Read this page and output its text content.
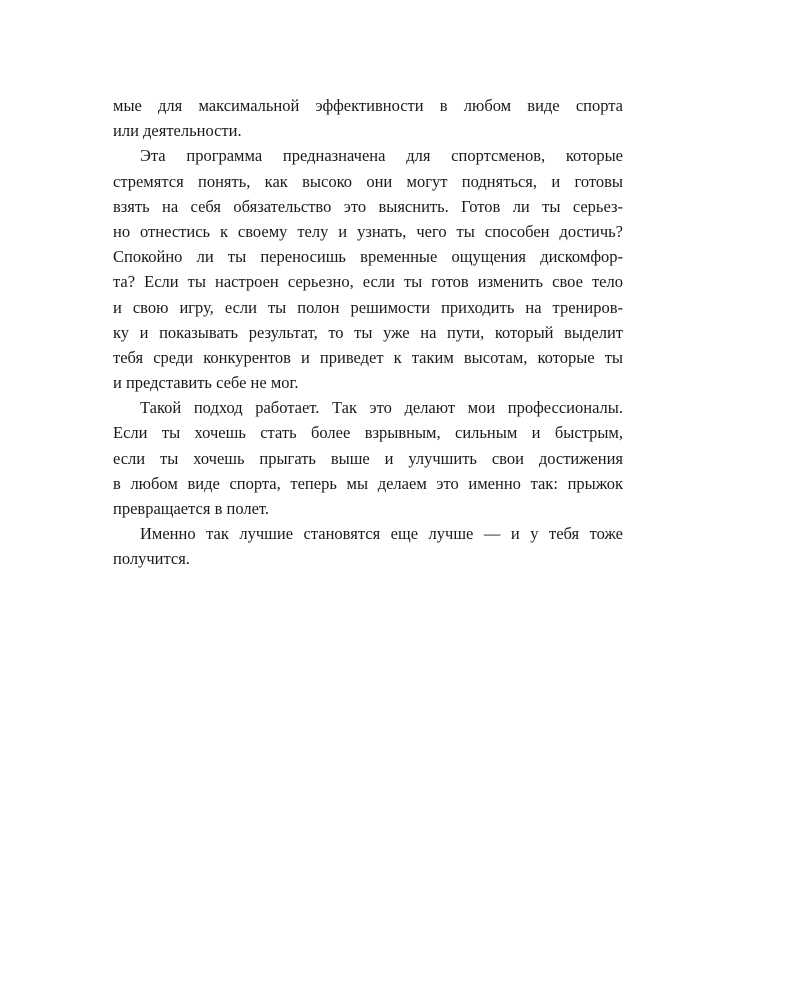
мые для максимальной эффективности в любом виде спорта
или деятельности.
Эта программа предназначена для спортсменов, которые
стремятся понять, как высоко они могут подняться, и готовы
взять на себя обязательство это выяснить. Готов ли ты серьез-
но отнестись к своему телу и узнать, чего ты способен достичь?
Спокойно ли ты переносишь временные ощущения дискомфор-
та? Если ты настроен серьезно, если ты готов изменить свое тело
и свою игру, если ты полон решимости приходить на трениров-
ку и показывать результат, то ты уже на пути, который выделит
тебя среди конкурентов и приведет к таким высотам, которые ты
и представить себе не мог.
Такой подход работает. Так это делают мои профессионалы.
Если ты хочешь стать более взрывным, сильным и быстрым,
если ты хочешь прыгать выше и улучшить свои достижения
в любом виде спорта, теперь мы делаем это именно так: прыжок
превращается в полет.
Именно так лучшие становятся еще лучше — и у тебя тоже
получится.
